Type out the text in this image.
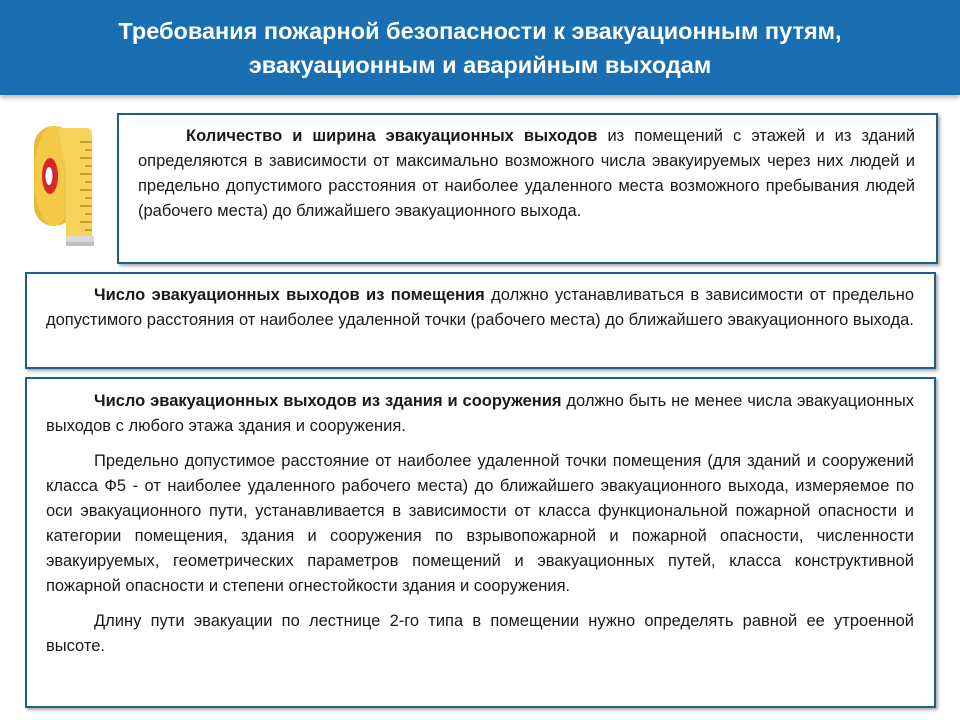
Требования пожарной безопасности к эвакуационным путям,
эвакуационным и аварийным выходам

Количество и ширина эвакуационных выходов из помещений с этажей и из зданий определяются в зависимости от максимально возможного числа эвакуируемых через них людей и предельно допустимого расстояния от наиболее удаленного места возможного пребывания людей (рабочего места) до ближайшего эвакуационного выхода.

Число эвакуационных выходов из помещения должно устанавливаться в зависимости от предельно допустимого расстояния от наиболее удаленной точки (рабочего места) до ближайшего эвакуационного выхода.

Число эвакуационных выходов из здания и сооружения должно быть не менее числа эвакуационных выходов с любого этажа здания и сооружения.

Предельно допустимое расстояние от наиболее удаленной точки помещения (для зданий и сооружений класса Ф5 - от наиболее удаленного рабочего места) до ближайшего эвакуационного выхода, измеряемое по оси эвакуационного пути, устанавливается в зависимости от класса функциональной пожарной опасности и категории помещения, здания и сооружения по взрывопожарной и пожарной опасности, численности эвакуируемых, геометрических параметров помещений и эвакуационных путей, класса конструктивной пожарной опасности и степени огнестойкости здания и сооружения.

Длину пути эвакуации по лестнице 2-го типа в помещении нужно определять равной ее утроенной высоте.
